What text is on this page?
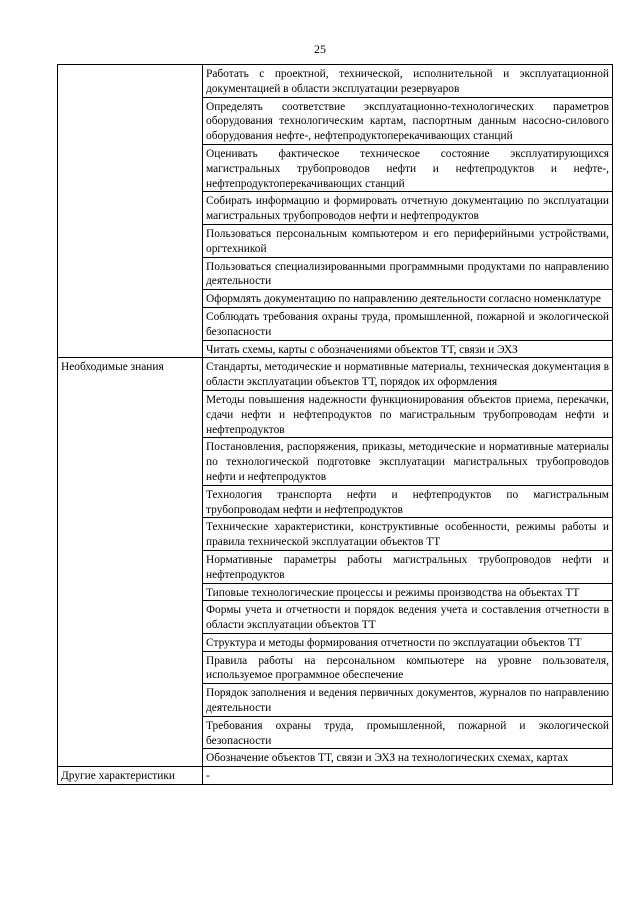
25
	Работать с проектной, технической, исполнительной и эксплуатационной документацией в области эксплуатации резервуаров
	Определять соответствие эксплуатационно-технологических параметров оборудования технологическим картам, паспортным данным насосно-силового оборудования нефте-, нефтепродуктоперекачивающих станций
	Оценивать фактическое техническое состояние эксплуатирующихся магистральных трубопроводов нефти и нефтепродуктов и нефте-, нефтепродуктоперекачивающих станций
	Собирать информацию и формировать отчетную документацию по эксплуатации магистральных трубопроводов нефти и нефтепродуктов
	Пользоваться персональным компьютером и его периферийными устройствами, оргтехникой
	Пользоваться специализированными программными продуктами по направлению деятельности
	Оформлять документацию по направлению деятельности согласно номенклатуре
	Соблюдать требования охраны труда, промышленной, пожарной и экологической безопасности
	Читать схемы, карты с обозначениями объектов ТТ, связи и ЭХЗ
Необходимые знания	Стандарты, методические и нормативные материалы, техническая документация в области эксплуатации объектов ТТ, порядок их оформления
	Методы повышения надежности функционирования объектов приема, перекачки, сдачи нефти и нефтепродуктов по магистральным трубопроводам нефти и нефтепродуктов
	Постановления, распоряжения, приказы, методические и нормативные материалы по технологической подготовке эксплуатации магистральных трубопроводов нефти и нефтепродуктов
	Технология транспорта нефти и нефтепродуктов по магистральным трубопроводам нефти и нефтепродуктов
	Технические характеристики, конструктивные особенности, режимы работы и правила технической эксплуатации объектов ТТ
	Нормативные параметры работы магистральных трубопроводов нефти и нефтепродуктов
	Типовые технологические процессы и режимы производства на объектах ТТ
	Формы учета и отчетности и порядок ведения учета и составления отчетности в области эксплуатации объектов ТТ
	Структура и методы формирования отчетности по эксплуатации объектов ТТ
	Правила работы на персональном компьютере на уровне пользователя, используемое программное обеспечение
	Порядок заполнения и ведения первичных документов, журналов по направлению деятельности
	Требования охраны труда, промышленной, пожарной и экологической безопасности
	Обозначение объектов ТТ, связи и ЭХЗ на технологических схемах, картах
Другие характеристики	-
